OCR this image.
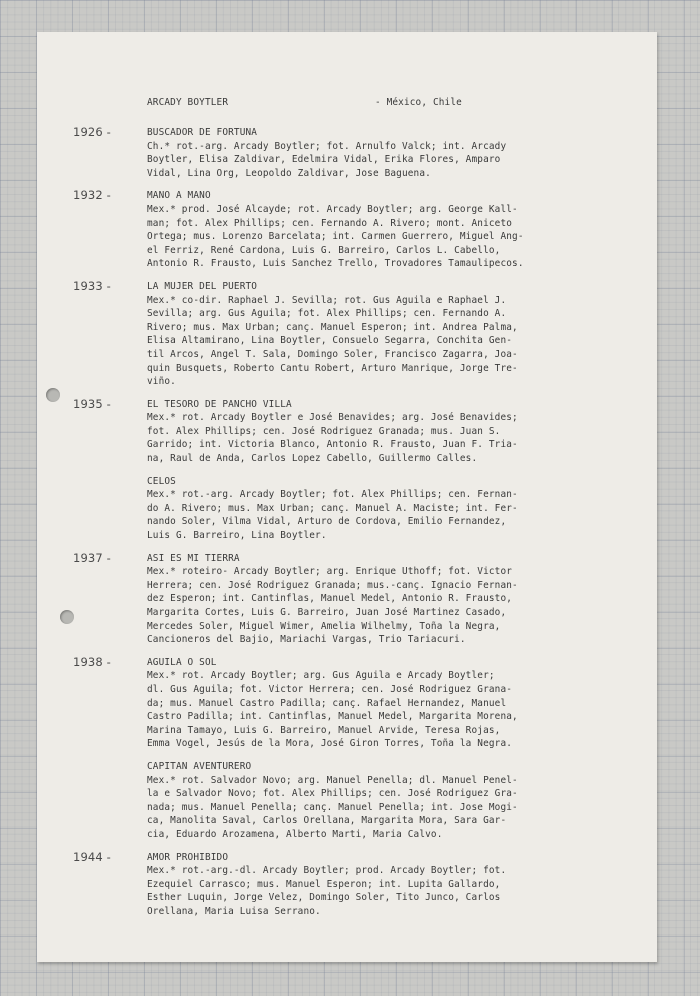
ARCADY BOYTLER	- México, Chile
1926 -	BUSCADOR DE FORTUNA
Ch.* rot.-arg. Arcady Boytler; fot. Arnulfo Valck; int. Arcady
Boytler, Elisa Zaldivar, Edelmira Vidal, Erika Flores, Amparo
Vidal, Lina Org, Leopoldo Zaldivar, Jose Baguena.
1932 -	MANO A MANO
Mex.* prod. José Alcayde; rot. Arcady Boytler; arg. George Kall-
man; fot. Alex Phillips; cen. Fernando A. Rivero; mont. Aniceto
Ortega; mus. Lorenzo Barcelata; int. Carmen Guerrero, Miguel Ang-
el Ferriz, René Cardona, Luis G. Barreiro, Carlos L. Cabello,
Antonio R. Frausto, Luis Sanchez Trello, Trovadores Tamaulipecos.
1933 -	LA MUJER DEL PUERTO
Mex.* co-dir. Raphael J. Sevilla; rot. Gus Aguila e Raphael J.
Sevilla; arg. Gus Aguila; fot. Alex Phillips; cen. Fernando A.
Rivero; mus. Max Urban; canç. Manuel Esperon; int. Andrea Palma,
Elisa Altamirano, Lina Boytler, Consuelo Segarra, Conchita Gen-
til Arcos, Angel T. Sala, Domingo Soler, Francisco Zagarra, Joa-
quin Busquets, Roberto Cantu Robert, Arturo Manrique, Jorge Tre-
viño.
1935 -	EL TESORO DE PANCHO VILLA
Mex.* rot. Arcady Boytler e José Benavides; arg. José Benavides;
fot. Alex Phillips; cen. José Rodriguez Granada; mus. Juan S.
Garrido; int. Victoria Blanco, Antonio R. Frausto, Juan F. Tria-
na, Raul de Anda, Carlos Lopez Cabello, Guillermo Calles.
CELOS
Mex.* rot.-arg. Arcady Boytler; fot. Alex Phillips; cen. Fernan-
do A. Rivero; mus. Max Urban; canç. Manuel A. Maciste; int. Fer-
nando Soler, Vilma Vidal, Arturo de Cordova, Emilio Fernandez,
Luis G. Barreiro, Lina Boytler.
1937 -	ASI ES MI TIERRA
Mex.* roteiro- Arcady Boytler; arg. Enrique Uthoff; fot. Victor
Herrera; cen. José Rodriguez Granada; mus.-canç. Ignacio Fernan-
dez Esperon; int. Cantinflas, Manuel Medel, Antonio R. Frausto,
Margarita Cortes, Luis G. Barreiro, Juan José Martinez Casado,
Mercedes Soler, Miguel Wimer, Amelia Wilhelmy, Toña la Negra,
Cancioneros del Bajio, Mariachi Vargas, Trio Tariacuri.
1938 -	AGUILA O SOL
Mex.* rot. Arcady Boytler; arg. Gus Aguila e Arcady Boytler;
dl. Gus Aguila; fot. Victor Herrera; cen. José Rodriguez Grana-
da; mus. Manuel Castro Padilla; canç. Rafael Hernandez, Manuel
Castro Padilla; int. Cantinflas, Manuel Medel, Margarita Morena,
Marina Tamayo, Luis G. Barreiro, Manuel Arvide, Teresa Rojas,
Emma Vogel, Jesús de la Mora, José Giron Torres, Toña la Negra.
CAPITAN AVENTURERO
Mex.* rot. Salvador Novo; arg. Manuel Penella; dl. Manuel Penel-
la e Salvador Novo; fot. Alex Phillips; cen. José Rodriguez Gra-
nada; mus. Manuel Penella; canç. Manuel Penella; int. Jose Mogi-
ca, Manolita Saval, Carlos Orellana, Margarita Mora, Sara Gar-
cia, Eduardo Arozamena, Alberto Marti, Maria Calvo.
1944 -	AMOR PROHIBIDO
Mex.* rot.-arg.-dl. Arcady Boytler; prod. Arcady Boytler; fot.
Ezequiel Carrasco; mus. Manuel Esperon; int. Lupita Gallardo,
Esther Luquin, Jorge Velez, Domingo Soler, Tito Junco, Carlos
Orellana, Maria Luisa Serrano.
